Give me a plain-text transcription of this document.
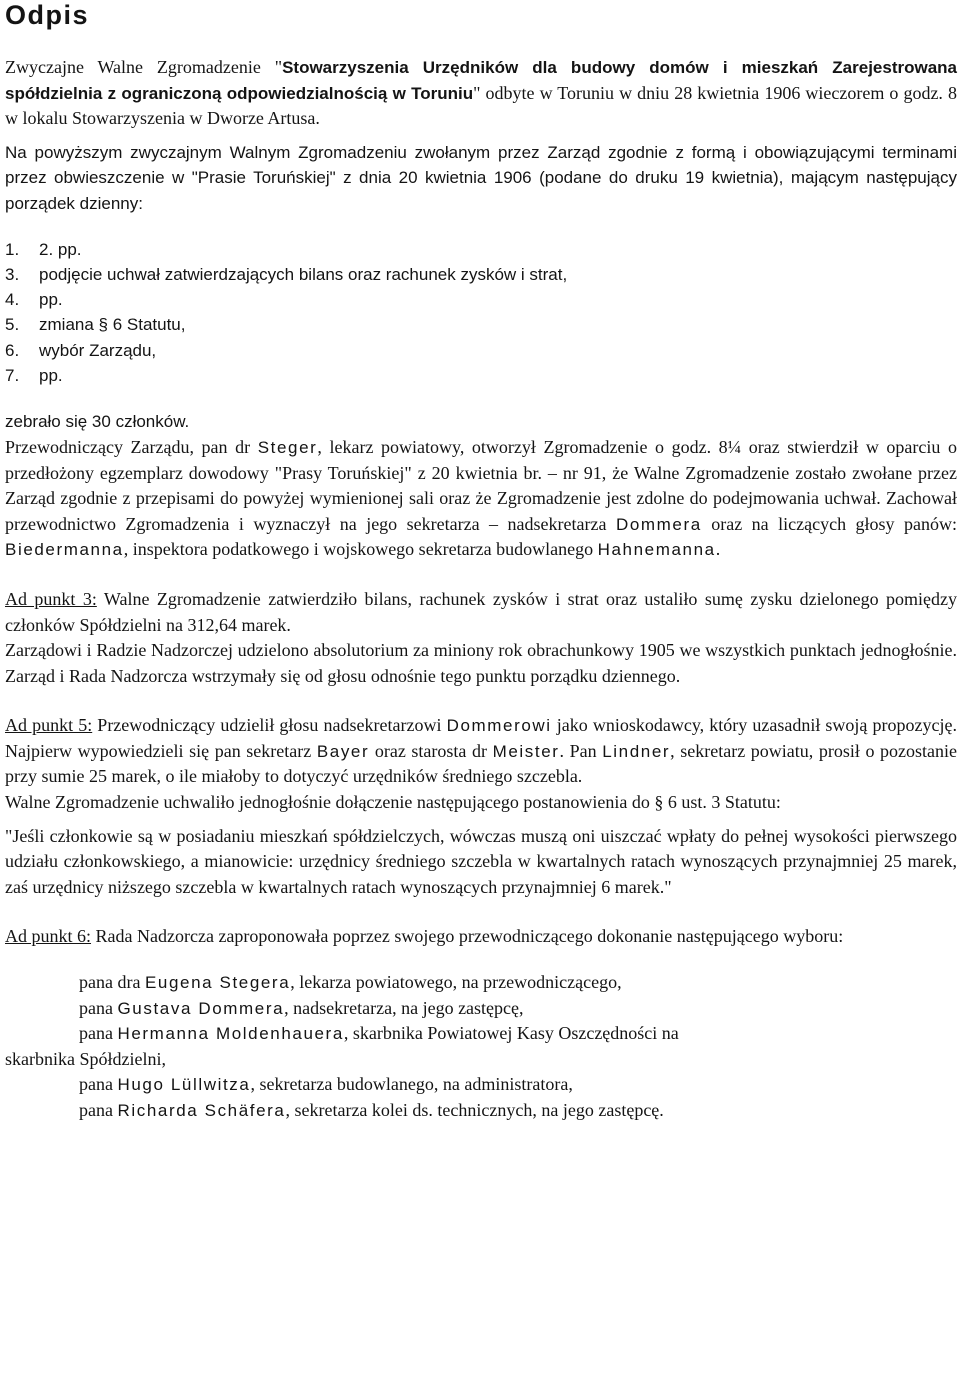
Odpis

Zwyczajne Walne Zgromadzenie "Stowarzyszenia Urzędników dla budowy domów i mieszkań Zarejestrowana spółdzielnia z ograniczoną odpowiedzialnością w Toruniu" odbyte w Toruniu w dniu 28 kwietnia 1906 wieczorem o godz. 8 w lokalu Stowarzyszenia w Dworze Artusa.

Na powyższym zwyczajnym Walnym Zgromadzeniu zwołanym przez Zarząd zgodnie z formą i obowiązującymi terminami przez obwieszczenie w "Prasie Toruńskiej" z dnia 20 kwietnia 1906 (podane do druku 19 kwietnia), mającym następujący porządek dzienny:

1. 2. pp.
3. podjęcie uchwał zatwierdzających bilans oraz rachunek zysków i strat,
4. pp.
5. zmiana § 6 Statutu,
6. wybór Zarządu,
7. pp.

zebrało się 30 członków.

Przewodniczący Zarządu, pan dr Steger, lekarz powiatowy, otworzył Zgromadzenie o godz. 8¼ oraz stwierdził w oparciu o przedłożony egzemplarz dowodowy "Prasy Toruńskiej" z 20 kwietnia br. – nr 91, że Walne Zgromadzenie zostało zwołane przez Zarząd zgodnie z przepisami do powyżej wymienionej sali oraz że Zgromadzenie jest zdolne do podejmowania uchwał. Zachował przewodnictwo Zgromadzenia i wyznaczył na jego sekretarza – nadsekretarza Dommera oraz na liczących głosy panów: Biedermanna, inspektora podatkowego i wojskowego sekretarza budowlanego Hahnemanna.

Ad punkt 3: Walne Zgromadzenie zatwierdziło bilans, rachunek zysków i strat oraz ustaliło sumę zysku dzielonego pomiędzy członków Spółdzielni na 312,64 marek.

Zarządowi i Radzie Nadzorczej udzielono absolutorium za miniony rok obrachunkowy 1905 we wszystkich punktach jednogłośnie. Zarząd i Rada Nadzorcza wstrzymały się od głosu odnośnie tego punktu porządku dziennego.

Ad punkt 5: Przewodniczący udzielił głosu nadsekretarzowi Dommerowi jako wnioskodawcy, który uzasadnił swoją propozycję. Najpierw wypowiedzieli się pan sekretarz Bayer oraz starosta dr Meister. Pan Lindner, sekretarz powiatu, prosił o pozostanie przy sumie 25 marek, o ile miałoby to dotyczyć urzędników średniego szczebla.

Walne Zgromadzenie uchwaliło jednogłośnie dołączenie następującego postanowienia do § 6 ust. 3 Statutu:

"Jeśli członkowie są w posiadaniu mieszkań spółdzielczych, wówczas muszą oni uiszczać wpłaty do pełnej wysokości pierwszego udziału członkowskiego, a mianowicie: urzędnicy średniego szczebla w kwartalnych ratach wynoszących przynajmniej 25 marek, zaś urzędnicy niższego szczebla w kwartalnych ratach wynoszących przynajmniej 6 marek."

Ad punkt 6: Rada Nadzorcza zaproponowała poprzez swojego przewodniczącego dokonanie następującego wyboru:

pana dra Eugena Stegera, lekarza powiatowego, na przewodniczącego,

pana Gustava Dommera, nadsekretarza, na jego zastępcę,

pana Hermanna Moldenhauera, skarbnika Powiatowej Kasy Oszczędności na

skarbnika Spółdzielni,

pana Hugo Lüllwitza, sekretarza budowlanego, na administratora,

pana Richarda Schäfera, sekretarza kolei ds. technicznych, na jego zastępcę.
